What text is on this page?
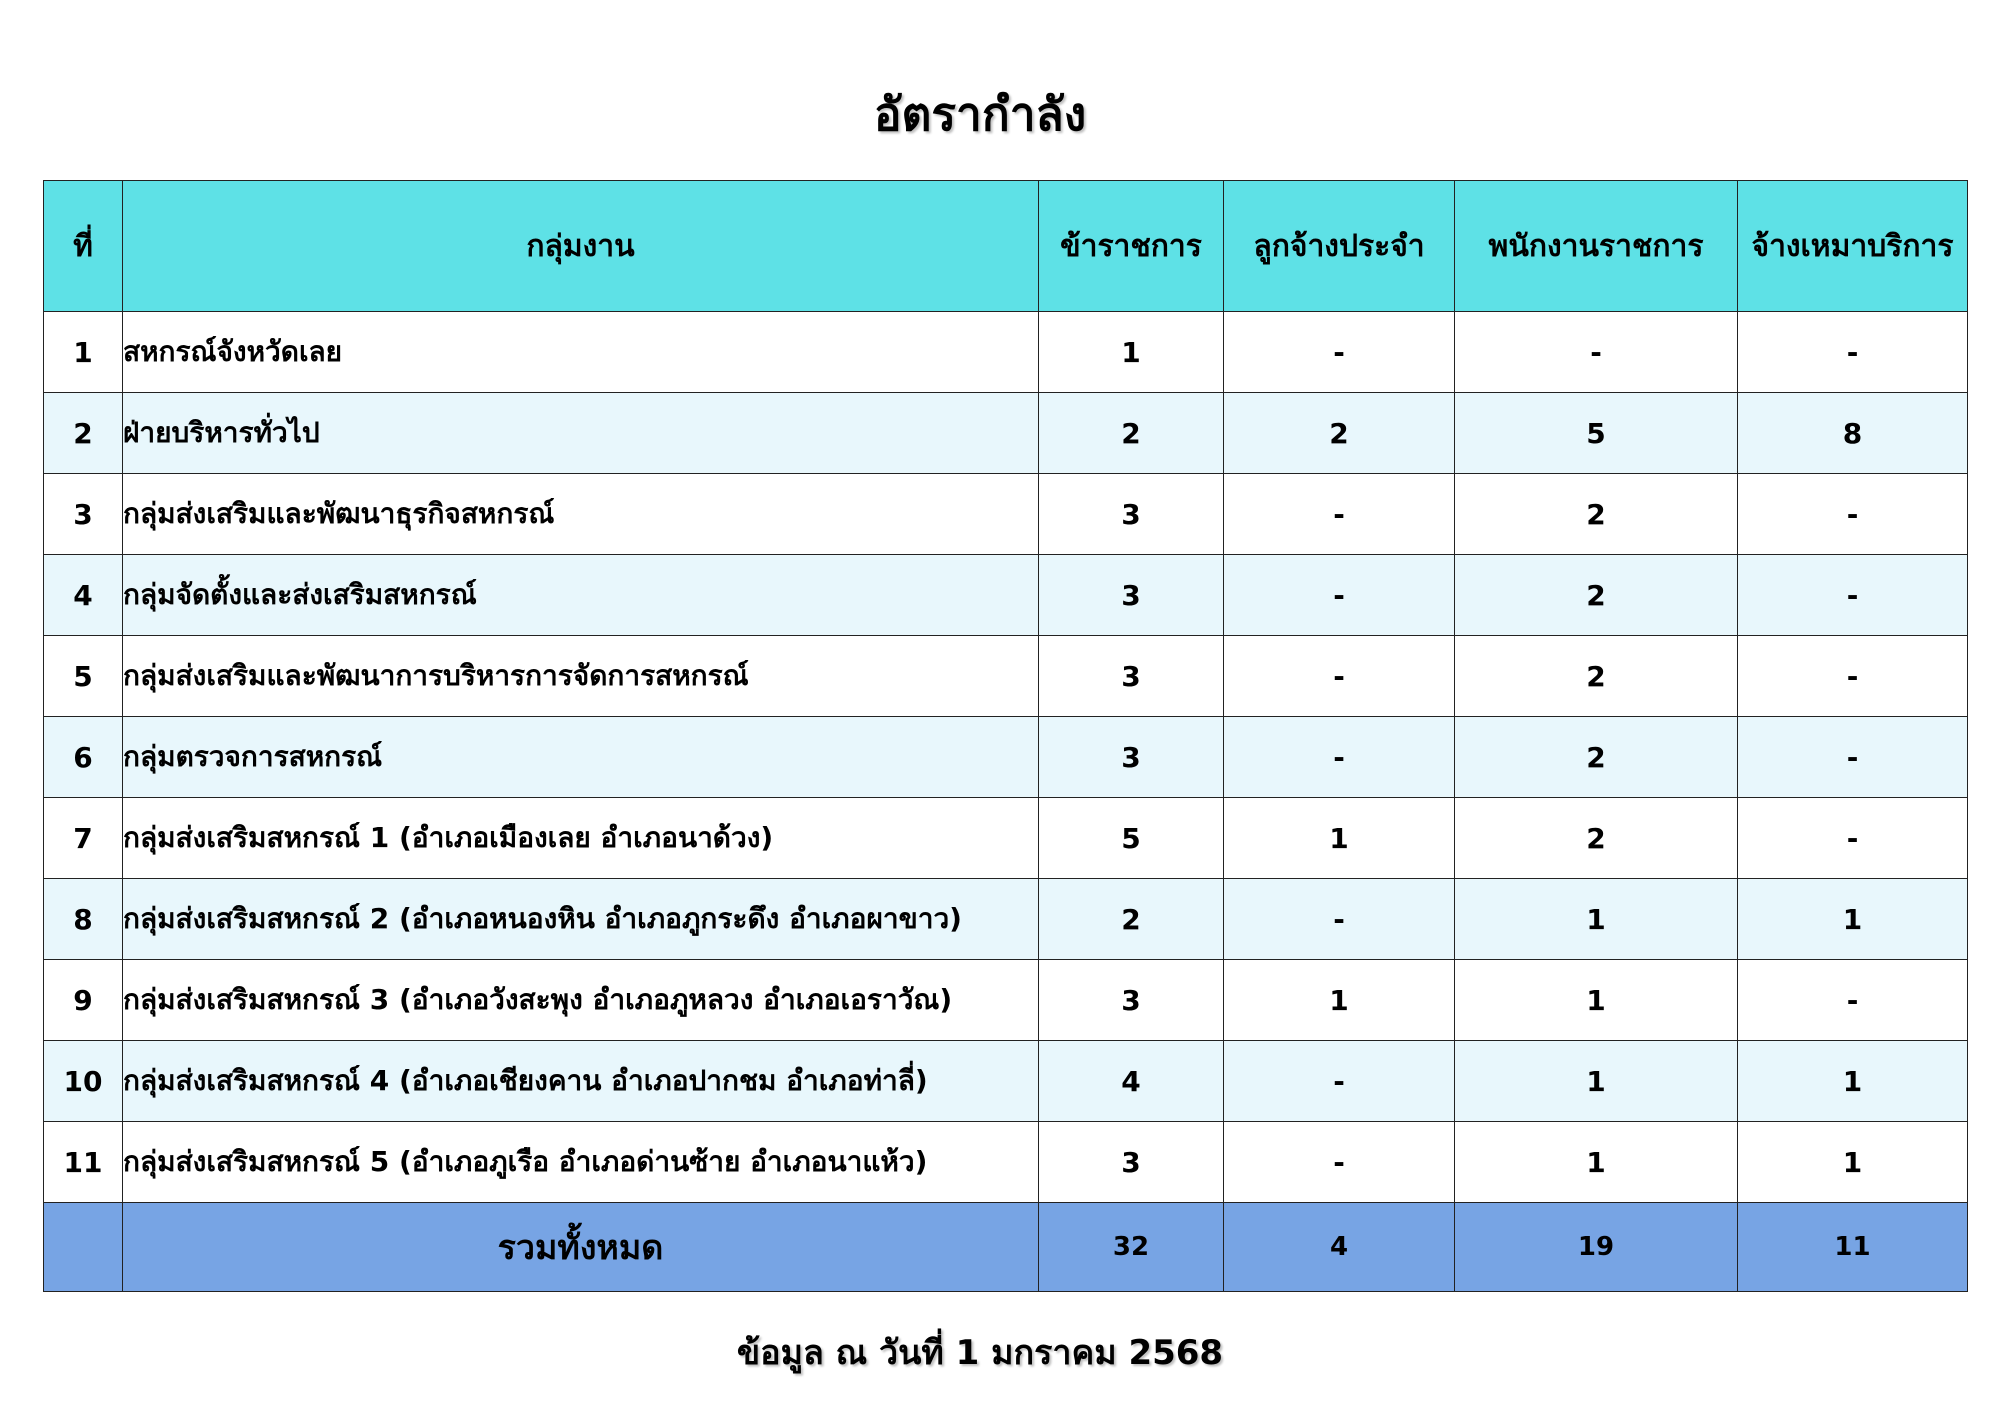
อัตรากำลัง
ที่	กลุ่มงาน	ข้าราชการ	ลูกจ้างประจำ	พนักงานราชการ	จ้างเหมาบริการ
1	สหกรณ์จังหวัดเลย	1	-	-	-
2	ฝ่ายบริหารทั่วไป	2	2	5	8
3	กลุ่มส่งเสริมและพัฒนาธุรกิจสหกรณ์	3	-	2	-
4	กลุ่มจัดตั้งและส่งเสริมสหกรณ์	3	-	2	-
5	กลุ่มส่งเสริมและพัฒนาการบริหารการจัดการสหกรณ์	3	-	2	-
6	กลุ่มตรวจการสหกรณ์	3	-	2	-
7	กลุ่มส่งเสริมสหกรณ์ 1 (อำเภอเมืองเลย อำเภอนาด้วง)	5	1	2	-
8	กลุ่มส่งเสริมสหกรณ์ 2 (อำเภอหนองหิน อำเภอภูกระดึง อำเภอผาขาว)	2	-	1	1
9	กลุ่มส่งเสริมสหกรณ์ 3 (อำเภอวังสะพุง อำเภอภูหลวง อำเภอเอราวัณ)	3	1	1	-
10	กลุ่มส่งเสริมสหกรณ์ 4 (อำเภอเชียงคาน อำเภอปากชม อำเภอท่าลี่)	4	-	1	1
11	กลุ่มส่งเสริมสหกรณ์ 5 (อำเภอภูเรือ อำเภอด่านซ้าย อำเภอนาแห้ว)	3	-	1	1
	รวมทั้งหมด	32	4	19	11
ข้อมูล ณ วันที่ 1 มกราคม 2568
